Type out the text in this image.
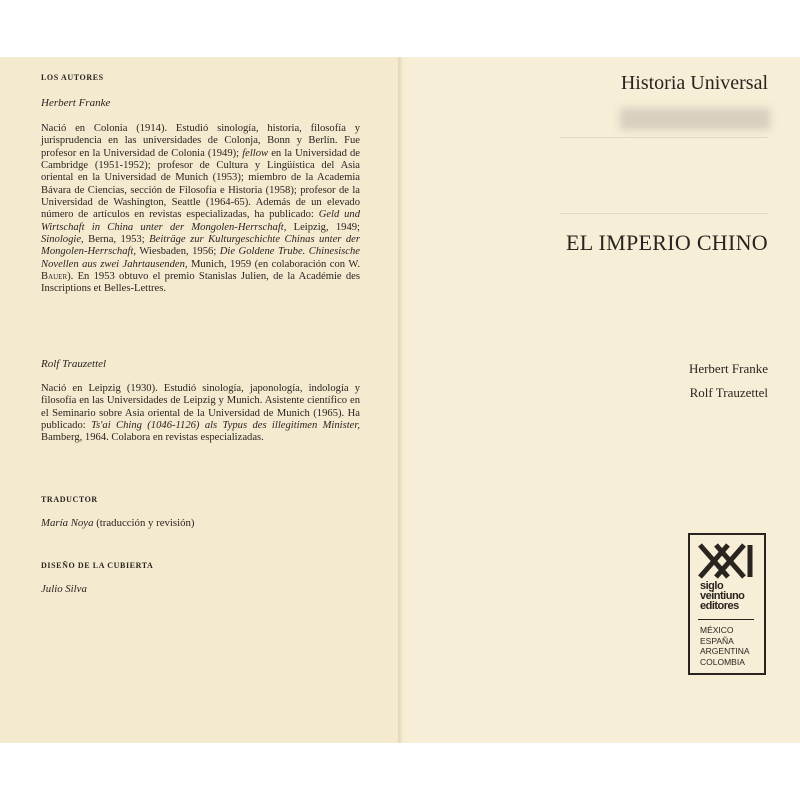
LOS AUTORES
Herbert Franke
Nació en Colonia (1914). Estudió sinología, historia, filosofía y jurisprudencia en las universidades de Colonja, Bonn y Berlín. Fue profesor en la Universidad de Colonia (1949); fellow en la Universidad de Cambridge (1951-1952); profesor de Cultura y Lingüística del Asia oriental en la Universidad de Munich (1953); miembro de la Academia Bávara de Ciencias, sección de Filosofía e Historia (1958); profesor de la Universidad de Washington, Seattle (1964-65). Además de un elevado número de artículos en revistas especializadas, ha publicado: Geld und Wirtschaft in China unter der Mongolen-Herrschaft, Leipzig, 1949; Sinologie, Berna, 1953; Beiträge zur Kulturgeschichte Chinas unter der Mongolen-Herrschaft, Wiesbaden, 1956; Die Goldene Trube. Chinesische Novellen aus zwei Jahrtausenden, Munich, 1959 (en colaboración con W. Bauer). En 1953 obtuvo el premio Stanislas Julien, de la Académie des Inscriptions et Belles-Lettres.
Rolf Trauzettel
Nació en Leipzig (1930). Estudió sinología, japonología, indología y filosofía en las Universidades de Leipzig y Munich. Asistente científico en el Seminario sobre Asia oriental de la Universidad de Munich (1965). Ha publicado: Ts'ai Ching (1046-1126) als Typus des illegitimen Minister, Bamberg, 1964. Colabora en revistas especializadas.
TRADUCTOR
María Noya (traducción y revisión)
DISEÑO DE LA CUBIERTA
Julio Silva
Historia Universal
EL IMPERIO CHINO
Herbert Franke
Rolf Trauzettel
siglo
veintiuno
editores
MÉXICO
ESPAÑA
ARGENTINA
COLOMBIA
